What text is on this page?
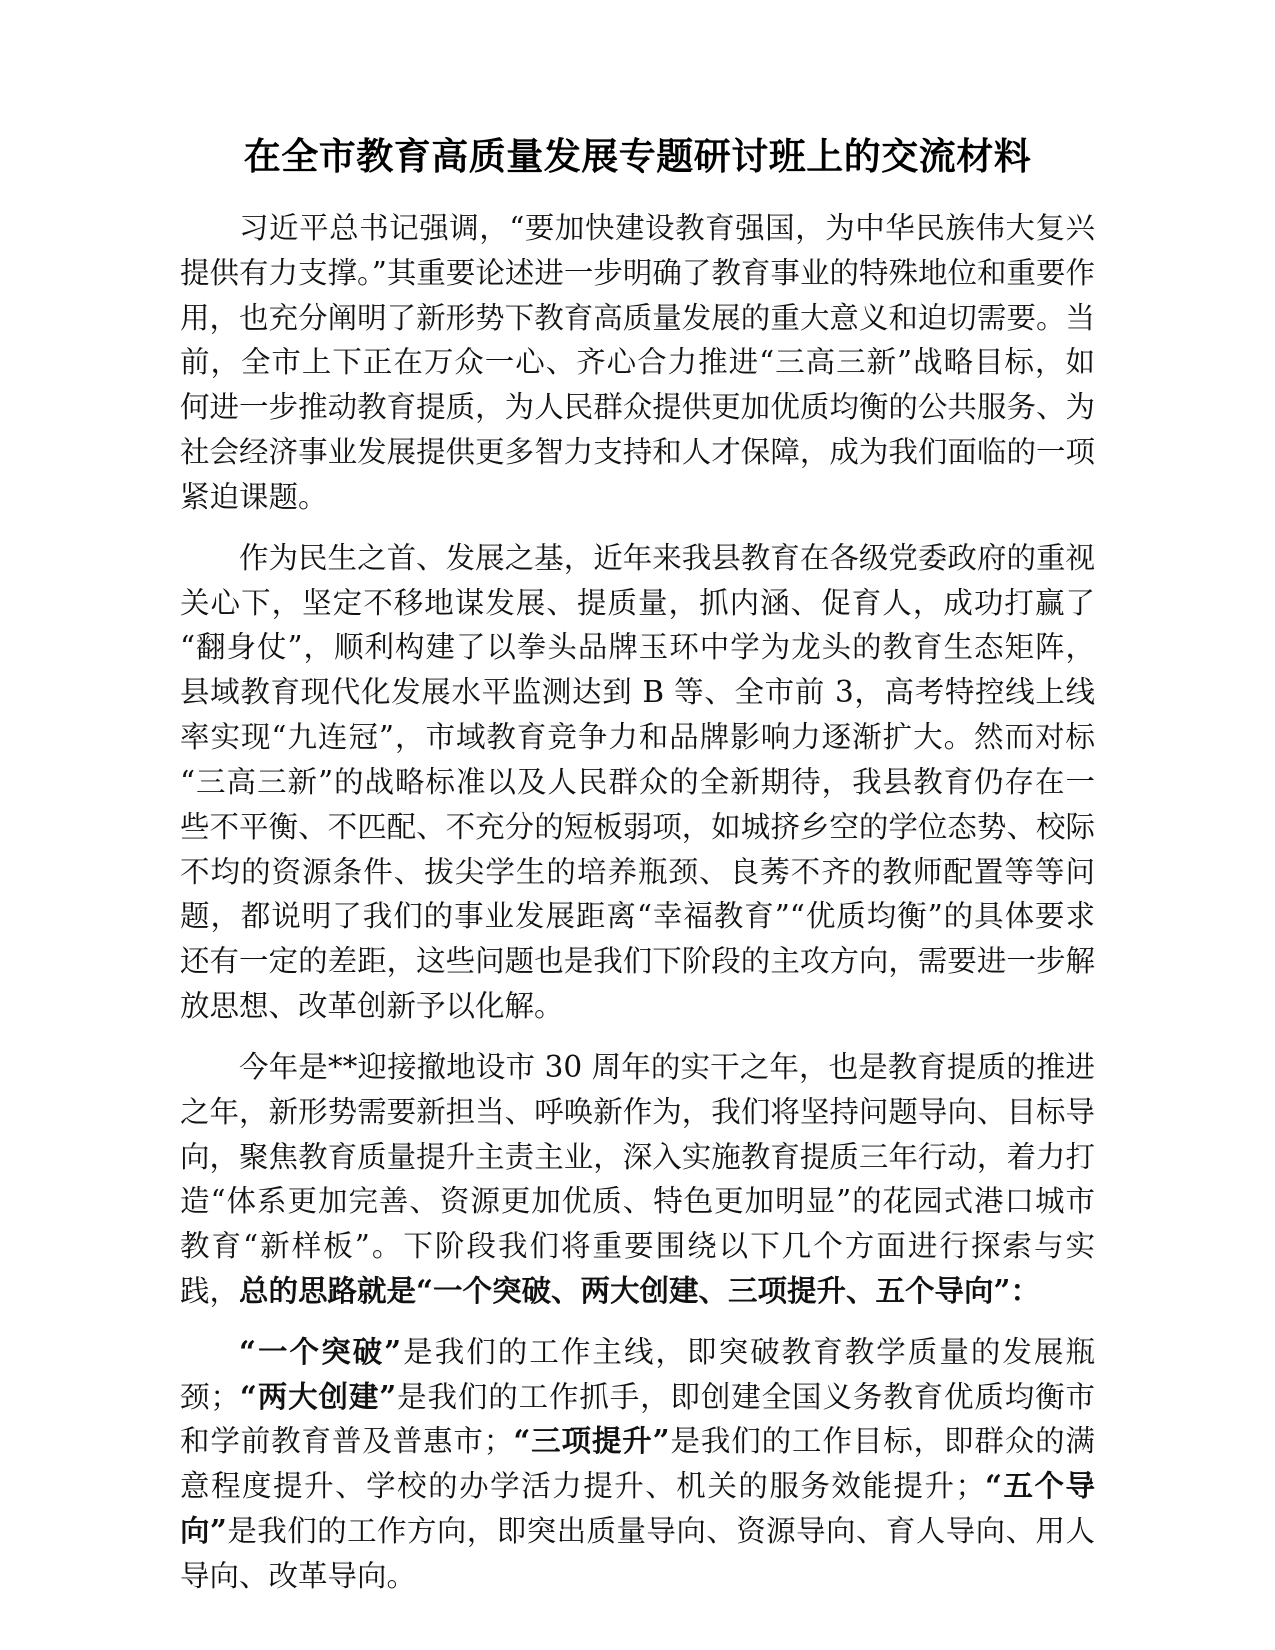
在全市教育高质量发展专题研讨班上的交流材料

习近平总书记强调，“要加快建设教育强国，为中华民族伟大复兴提供有力支撑。”其重要论述进一步明确了教育事业的特殊地位和重要作用，也充分阐明了新形势下教育高质量发展的重大意义和迫切需要。当前，全市上下正在万众一心、齐心合力推进“三高三新”战略目标，如何进一步推动教育提质，为人民群众提供更加优质均衡的公共服务、为社会经济事业发展提供更多智力支持和人才保障，成为我们面临的一项紧迫课题。

作为民生之首、发展之基，近年来我县教育在各级党委政府的重视关心下，坚定不移地谋发展、提质量，抓内涵、促育人，成功打赢了“翻身仗”，顺利构建了以拳头品牌玉环中学为龙头的教育生态矩阵，县域教育现代化发展水平监测达到 B 等、全市前 3，高考特控线上线率实现“九连冠”，市域教育竞争力和品牌影响力逐渐扩大。然而对标“三高三新”的战略标准以及人民群众的全新期待，我县教育仍存在一些不平衡、不匹配、不充分的短板弱项，如城挤乡空的学位态势、校际不均的资源条件、拔尖学生的培养瓶颈、良莠不齐的教师配置等等问题，都说明了我们的事业发展距离“幸福教育”“优质均衡”的具体要求还有一定的差距，这些问题也是我们下阶段的主攻方向，需要进一步解放思想、改革创新予以化解。

今年是**迎接撤地设市 30 周年的实干之年，也是教育提质的推进之年，新形势需要新担当、呼唤新作为，我们将坚持问题导向、目标导向，聚焦教育质量提升主责主业，深入实施教育提质三年行动，着力打造“体系更加完善、资源更加优质、特色更加明显”的花园式港口城市教育“新样板”。下阶段我们将重要围绕以下几个方面进行探索与实践，总的思路就是“一个突破、两大创建、三项提升、五个导向”：

“一个突破”是我们的工作主线，即突破教育教学质量的发展瓶颈；“两大创建”是我们的工作抓手，即创建全国义务教育优质均衡市和学前教育普及普惠市；“三项提升”是我们的工作目标，即群众的满意程度提升、学校的办学活力提升、机关的服务效能提升；“五个导向”是我们的工作方向，即突出质量导向、资源导向、育人导向、用人导向、改革导向。
